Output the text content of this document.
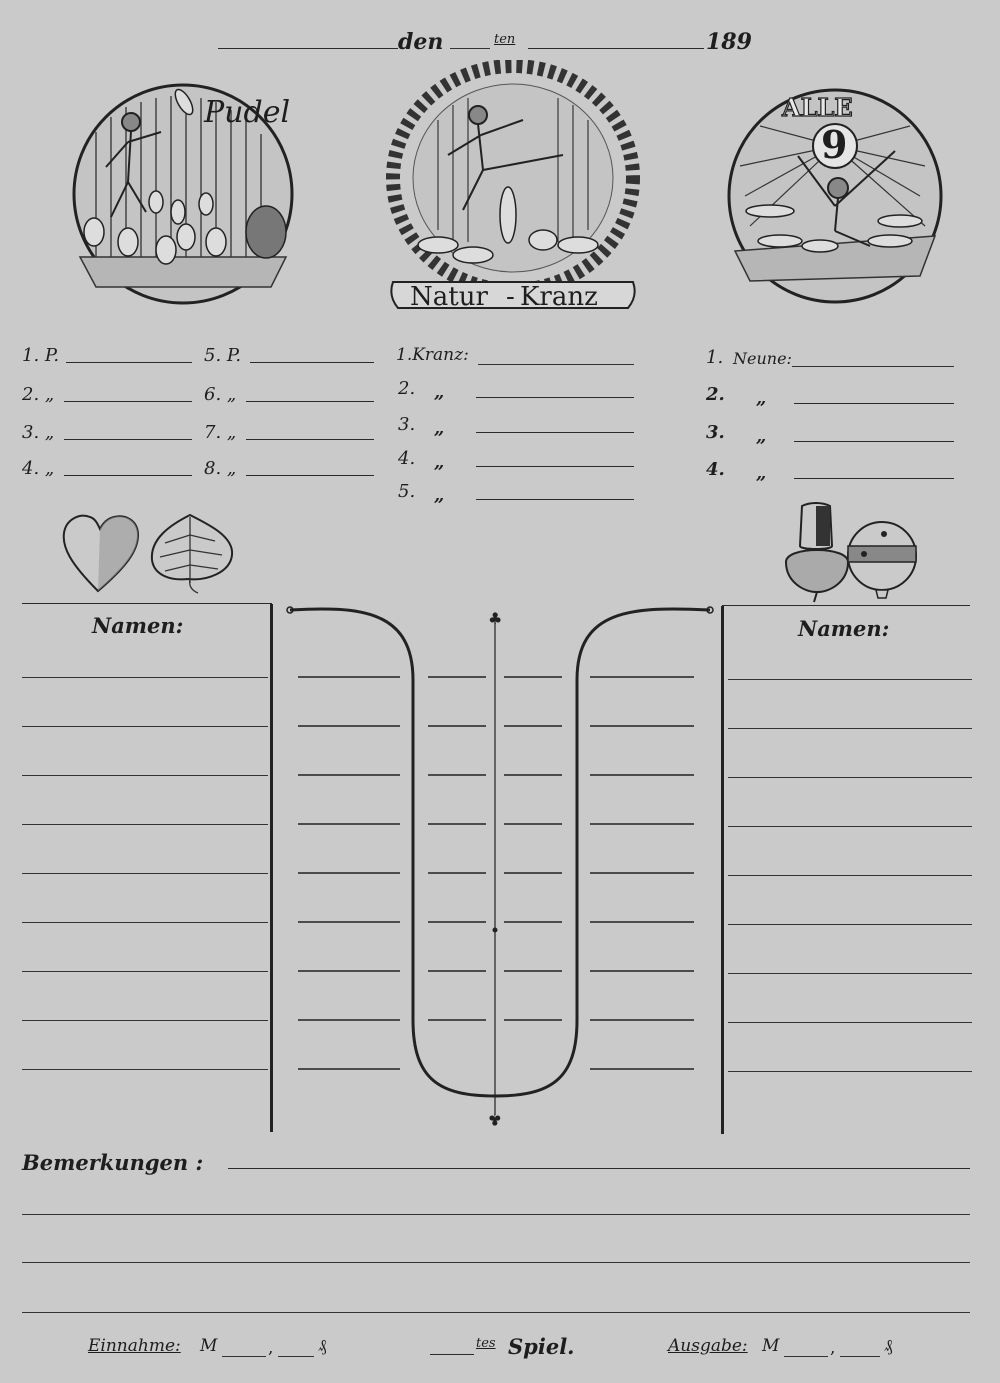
den	ten	189
Pudel
Natur - Kranz
9
ALLE
1. P.
2. „
3. „
4. „
5. P.
6. „
7. „
8. „
1.Kranz:
2. „
3. „
4. „
5. „
1. Neune:
2. „
3. „
4. „
Namen:	Namen:
♣
♣
Bemerkungen :
Einnahme: M	,	₰	tes Spiel.	Ausgabe: M	,	₰
